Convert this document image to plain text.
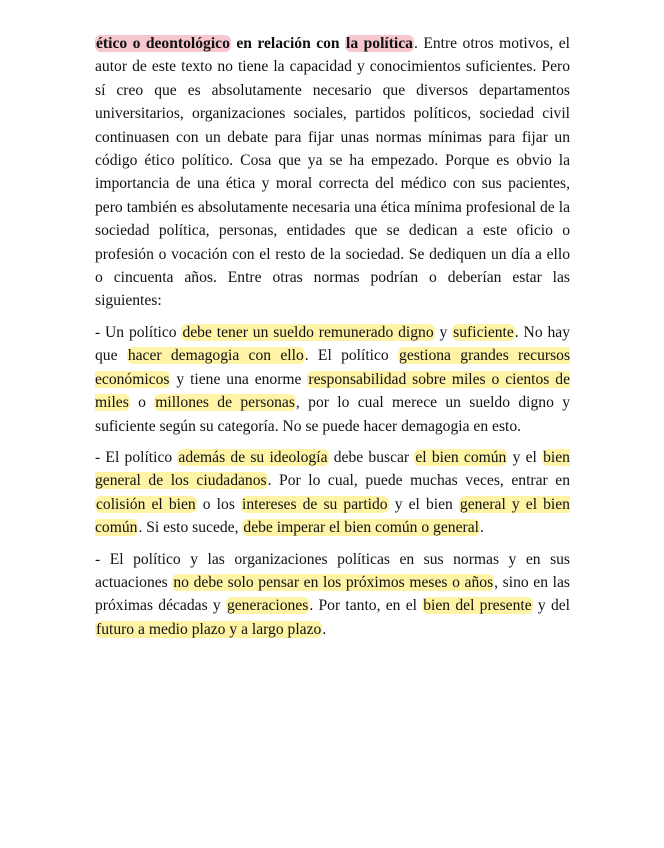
ético o deontológico en relación con la política. Entre otros motivos, el autor de este texto no tiene la capacidad y conocimientos suficientes. Pero sí creo que es absolutamente necesario que diversos departamentos universitarios, organizaciones sociales, partidos políticos, sociedad civil continuasen con un debate para fijar unas normas mínimas para fijar un código ético político. Cosa que ya se ha empezado. Porque es obvio la importancia de una ética y moral correcta del médico con sus pacientes, pero también es absolutamente necesaria una ética mínima profesional de la sociedad política, personas, entidades que se dedican a este oficio o profesión o vocación con el resto de la sociedad. Se dediquen un día a ello o cincuenta años. Entre otras normas podrían o deberían estar las siguientes:

- Un político debe tener un sueldo remunerado digno y suficiente. No hay que hacer demagogia con ello. El político gestiona grandes recursos económicos y tiene una enorme responsabilidad sobre miles o cientos de miles o millones de personas, por lo cual merece un sueldo digno y suficiente según su categoría. No se puede hacer demagogia en esto.

- El político además de su ideología debe buscar el bien común y el bien general de los ciudadanos. Por lo cual, puede muchas veces, entrar en colisión el bien o los intereses de su partido y el bien general y el bien común. Si esto sucede, debe imperar el bien común o general.

- El político y las organizaciones políticas en sus normas y en sus actuaciones no debe solo pensar en los próximos meses o años, sino en las próximas décadas y generaciones. Por tanto, en el bien del presente y del futuro a medio plazo y a largo plazo.
